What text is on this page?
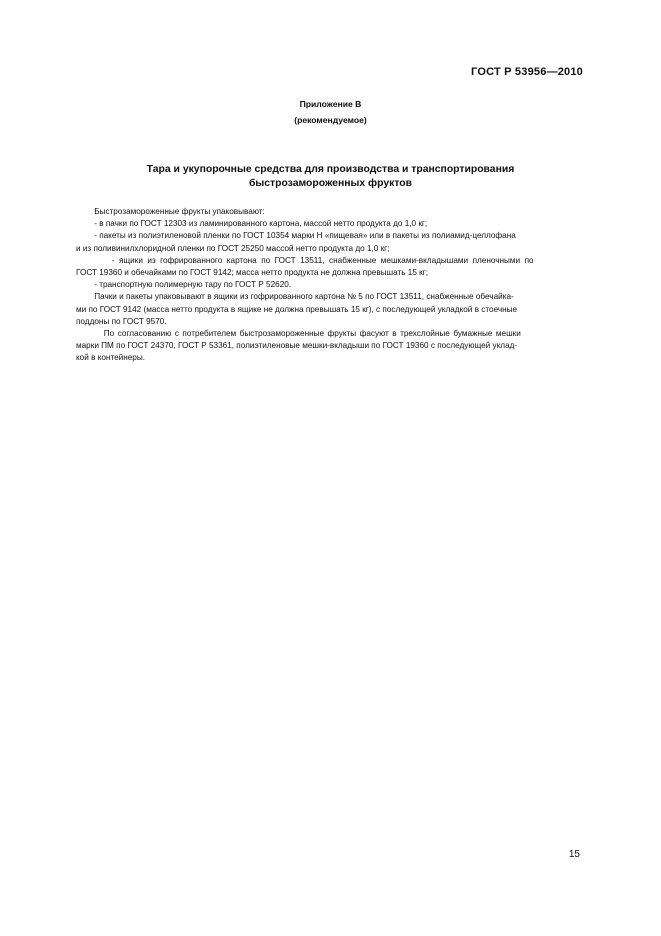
ГОСТ Р 53956—2010
Приложение В
(рекомендуемое)
Тара и укупорочные средства для производства и транспортирования
быстрозамороженных фруктов
Быстрозамороженные фрукты упаковывают:
- в пачки по ГОСТ 12303 из ламинированного картона, массой нетто продукта до 1,0 кг;
- пакеты из полиэтиленовой пленки по ГОСТ 10354 марки Н «пищевая» или в пакеты из полиамид-целлофана
и из поливинилхлоридной пленки по ГОСТ 25250 массой нетто продукта до 1,0 кг;
- ящики из гофрированного картона по ГОСТ 13511, снабженные мешками-вкладышами пленочными по
ГОСТ 19360 и обечайками по ГОСТ 9142; масса нетто продукта не должна превышать 15 кг;
- транспортную полимерную тару по ГОСТ Р 52620.
Пачки и пакеты упаковывают в ящики из гофрированного картона № 5 по ГОСТ 13511, снабженные обечайка-
ми по ГОСТ 9142 (масса нетто продукта в ящике не должна превышать 15 кг), с последующей укладкой в стоечные
поддоны по ГОСТ 9570.
По согласованию с потребителем быстрозамороженные фрукты фасуют в трехслойные бумажные мешки
марки ПМ по ГОСТ 24370, ГОСТ Р 53361, полиэтиленовые мешки-вкладыши по ГОСТ 19360 с последующей уклад-
кой в контейнеры.
15
